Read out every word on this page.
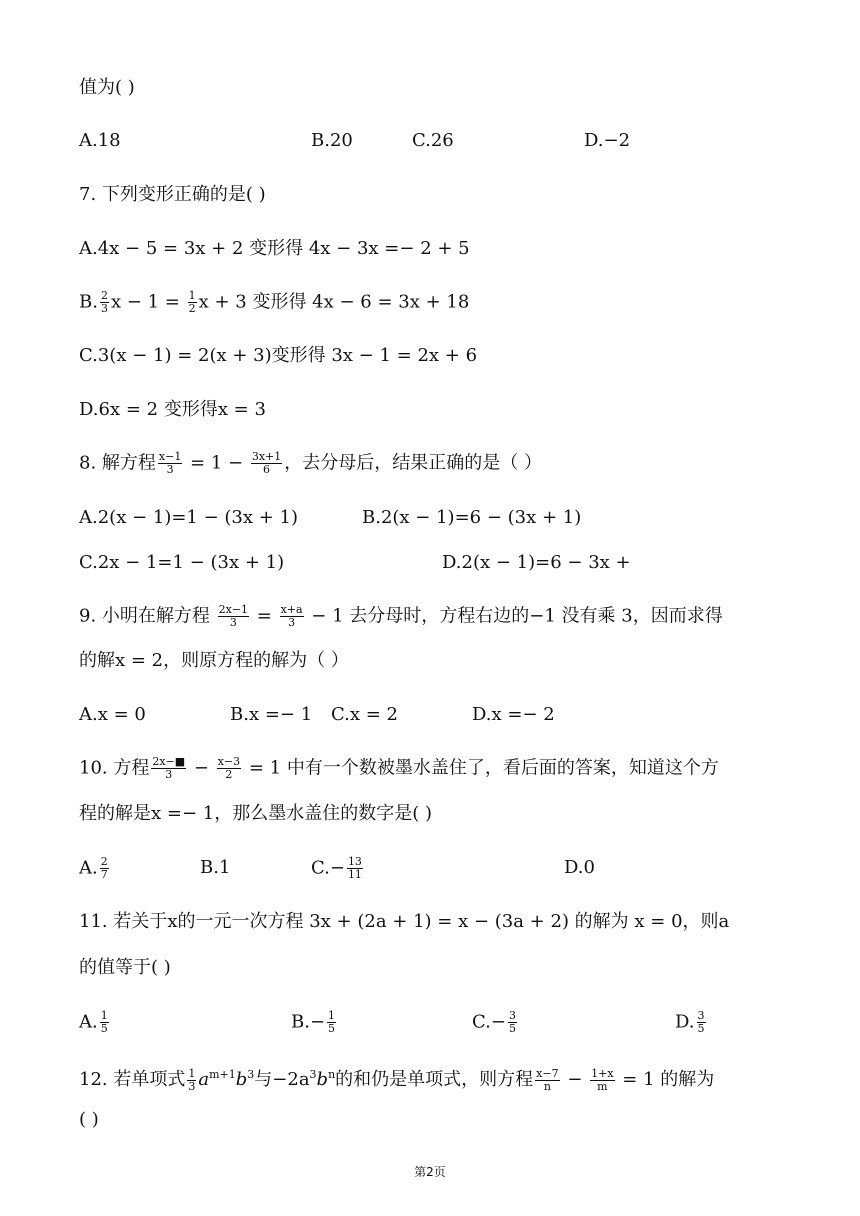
值为( )
A.18	B.20	C.26	D.−2
7. 下列变形正确的是( )
A.4x − 5 = 3x + 2 变形得 4x − 3x =− 2 + 5
B. $\frac{2}{3}$ $x - 1 = \frac{1}{2}$ x + 3 变形得 4x − 6 = 3x + 18
C.3(x − 1) = 2(x + 3)变形得 3x − 1 = 2x + 6
D.6x = 2 变形得x = 3
8. 解方程 $\frac{x-1}{3} = 1 - \frac{3x+1}{6}$ ，去分母后，结果正确的是（ ）
A.2(x − 1)=1 − (3x + 1)	B.2(x − 1)=6 − (3x + 1)
C.2x − 1=1 − (3x + 1)	D.2(x − 1)=6 − 3x +
9. 小明在解方程 $\frac{2x-1}{3} = \frac{x+a}{3} - 1$ 去分母时，方程右边的−1 没有乘 3，因而求得
的解x = 2，则原方程的解为（ ）
A.x = 0	B.x =− 1 C.x = 2	D.x =− 2
10. 方程 $\frac{2x-■}{3} - \frac{x-3}{2} = 1$ 中有一个数被墨水盖住了，看后面的答案，知道这个方
程的解是x =− 1，那么墨水盖住的数字是( )
A. $\frac{2}{7}$	B.1	$C.- \frac{13}{11}$	D.0
11. 若关于x的一元一次方程 3x + (2a + 1) = x − (3a + 2) 的解为 x = 0，则a
的值等于( )
A. $\frac{1}{5}$	$B.- \frac{1}{5}$	$C.- \frac{3}{5}$	D. $\frac{3}{5}$
12. 若单项式 $\frac{1}{3} a^{m+1}b^3$与$-2a^3b^n$的和仍是单项式，则方程 $\frac{x-7}{n} - \frac{1+x}{m} = 1$ 的解为
( )
第2页
